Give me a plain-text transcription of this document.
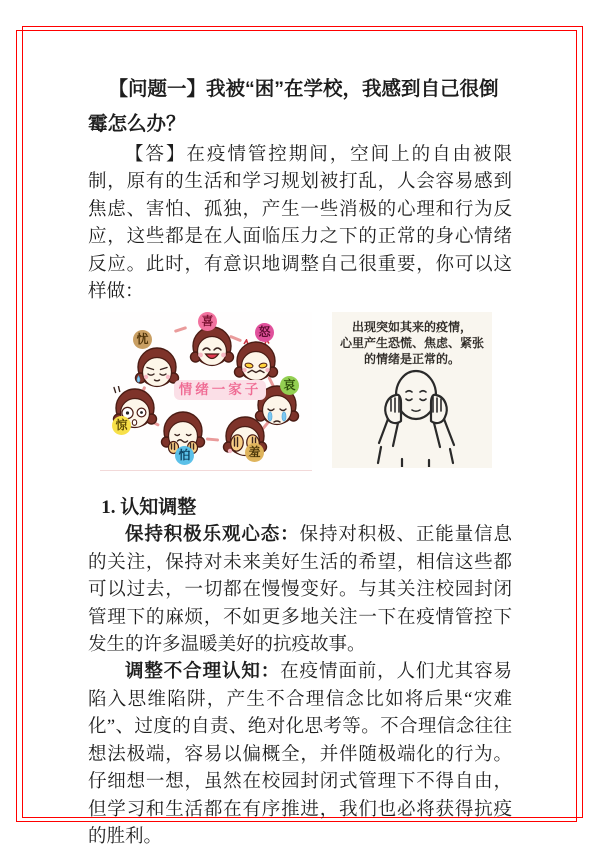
【问题一】我被“困”在学校，我感到自己很倒霉怎么办？

【答】在疫情管控期间，空间上的自由被限制，原有的生活和学习规划被打乱，人会容易感到焦虑、害怕、孤独，产生一些消极的心理和行为反应，这些都是在人面临压力之下的正常的身心情绪反应。此时，有意识地调整自己很重要，你可以这样做：

喜
怒
忧
哀
惊
怕	羞
情绪一家子
出现突如其来的疫情，
心里产生恐慌、焦虑、紧张
的情绪是正常的。

1. 认知调整

保持积极乐观心态：保持对积极、正能量信息的关注，保持对未来美好生活的希望，相信这些都可以过去，一切都在慢慢变好。与其关注校园封闭管理下的麻烦，不如更多地关注一下在疫情管控下发生的许多温暖美好的抗疫故事。

调整不合理认知：在疫情面前，人们尤其容易陷入思维陷阱，产生不合理信念比如将后果“灾难化”、过度的自责、绝对化思考等。不合理信念往往想法极端，容易以偏概全，并伴随极端化的行为。仔细想一想，虽然在校园封闭式管理下不得自由，但学习和生活都在有序推进，我们也必将获得抗疫的胜利。
